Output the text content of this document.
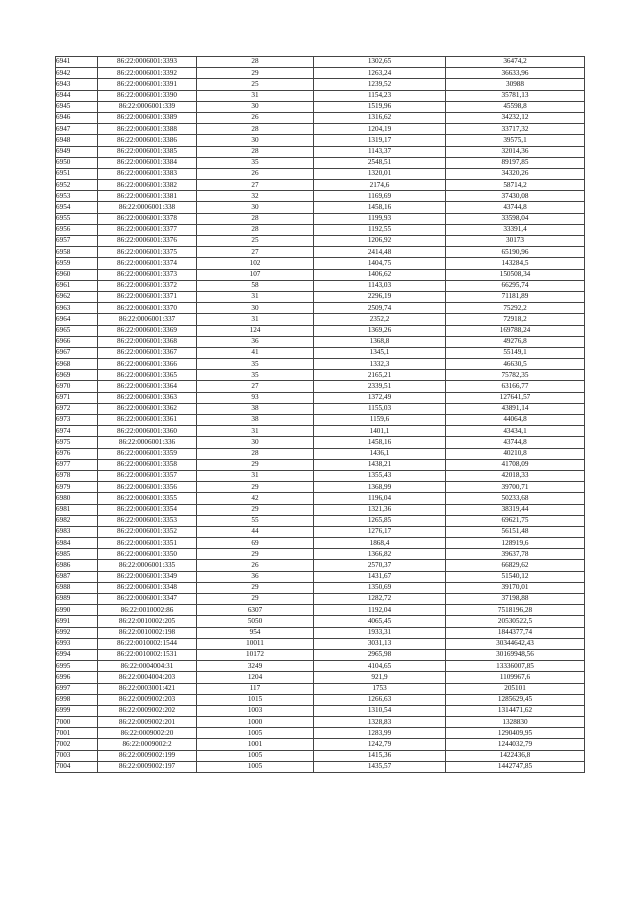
6941	86:22:0006001:3393	28	1302,65	36474,2
6942	86:22:0006001:3392	29	1263,24	36633,96
6943	86:22:0006001:3391	25	1239,52	30988
6944	86:22:0006001:3390	31	1154,23	35781,13
6945	86:22:0006001:339	30	1519,96	45598,8
6946	86:22:0006001:3389	26	1316,62	34232,12
6947	86:22:0006001:3388	28	1204,19	33717,32
6948	86:22:0006001:3386	30	1319,17	39575,1
6949	86:22:0006001:3385	28	1143,37	32014,36
6950	86:22:0006001:3384	35	2548,51	89197,85
6951	86:22:0006001:3383	26	1320,01	34320,26
6952	86:22:0006001:3382	27	2174,6	58714,2
6953	86:22:0006001:3381	32	1169,69	37430,08
6954	86:22:0006001:338	30	1458,16	43744,8
6955	86:22:0006001:3378	28	1199,93	33598,04
6956	86:22:0006001:3377	28	1192,55	33391,4
6957	86:22:0006001:3376	25	1206,92	30173
6958	86:22:0006001:3375	27	2414,48	65190,96
6959	86:22:0006001:3374	102	1404,75	143284,5
6960	86:22:0006001:3373	107	1406,62	150508,34
6961	86:22:0006001:3372	58	1143,03	66295,74
6962	86:22:0006001:3371	31	2296,19	71181,89
6963	86:22:0006001:3370	30	2509,74	75292,2
6964	86:22:0006001:337	31	2352,2	72918,2
6965	86:22:0006001:3369	124	1369,26	169788,24
6966	86:22:0006001:3368	36	1368,8	49276,8
6967	86:22:0006001:3367	41	1345,1	55149,1
6968	86:22:0006001:3366	35	1332,3	46630,5
6969	86:22:0006001:3365	35	2165,21	75782,35
6970	86:22:0006001:3364	27	2339,51	63166,77
6971	86:22:0006001:3363	93	1372,49	127641,57
6972	86:22:0006001:3362	38	1155,03	43891,14
6973	86:22:0006001:3361	38	1159,6	44064,8
6974	86:22:0006001:3360	31	1401,1	43434,1
6975	86:22:0006001:336	30	1458,16	43744,8
6976	86:22:0006001:3359	28	1436,1	40210,8
6977	86:22:0006001:3358	29	1438,21	41708,09
6978	86:22:0006001:3357	31	1355,43	42018,33
6979	86:22:0006001:3356	29	1368,99	39700,71
6980	86:22:0006001:3355	42	1196,04	50233,68
6981	86:22:0006001:3354	29	1321,36	38319,44
6982	86:22:0006001:3353	55	1265,85	69621,75
6983	86:22:0006001:3352	44	1276,17	56151,48
6984	86:22:0006001:3351	69	1868,4	128919,6
6985	86:22:0006001:3350	29	1366,82	39637,78
6986	86:22:0006001:335	26	2570,37	66829,62
6987	86:22:0006001:3349	36	1431,67	51540,12
6988	86:22:0006001:3348	29	1350,69	39170,01
6989	86:22:0006001:3347	29	1282,72	37198,88
6990	86:22:0010002:86	6307	1192,04	7518196,28
6991	86:22:0010002:205	5050	4065,45	20530522,5
6992	86:22:0010002:198	954	1933,31	1844377,74
6993	86:22:0010002:1544	10011	3031,13	30344642,43
6994	86:22:0010002:1531	10172	2965,98	30169948,56
6995	86:22:0004004:31	3249	4104,65	13336007,85
6996	86:22:0004004:203	1204	921,9	1109967,6
6997	86:22:0003001:421	117	1753	205101
6998	86:22:0009002:203	1015	1266,63	1285629,45
6999	86:22:0009002:202	1003	1310,54	1314471,62
7000	86:22:0009002:201	1000	1328,83	1328830
7001	86:22:0009002:20	1005	1283,99	1290409,95
7002	86:22:0009002:2	1001	1242,79	1244032,79
7003	86:22:0009002:199	1005	1415,36	1422436,8
7004	86:22:0009002:197	1005	1435,57	1442747,85
